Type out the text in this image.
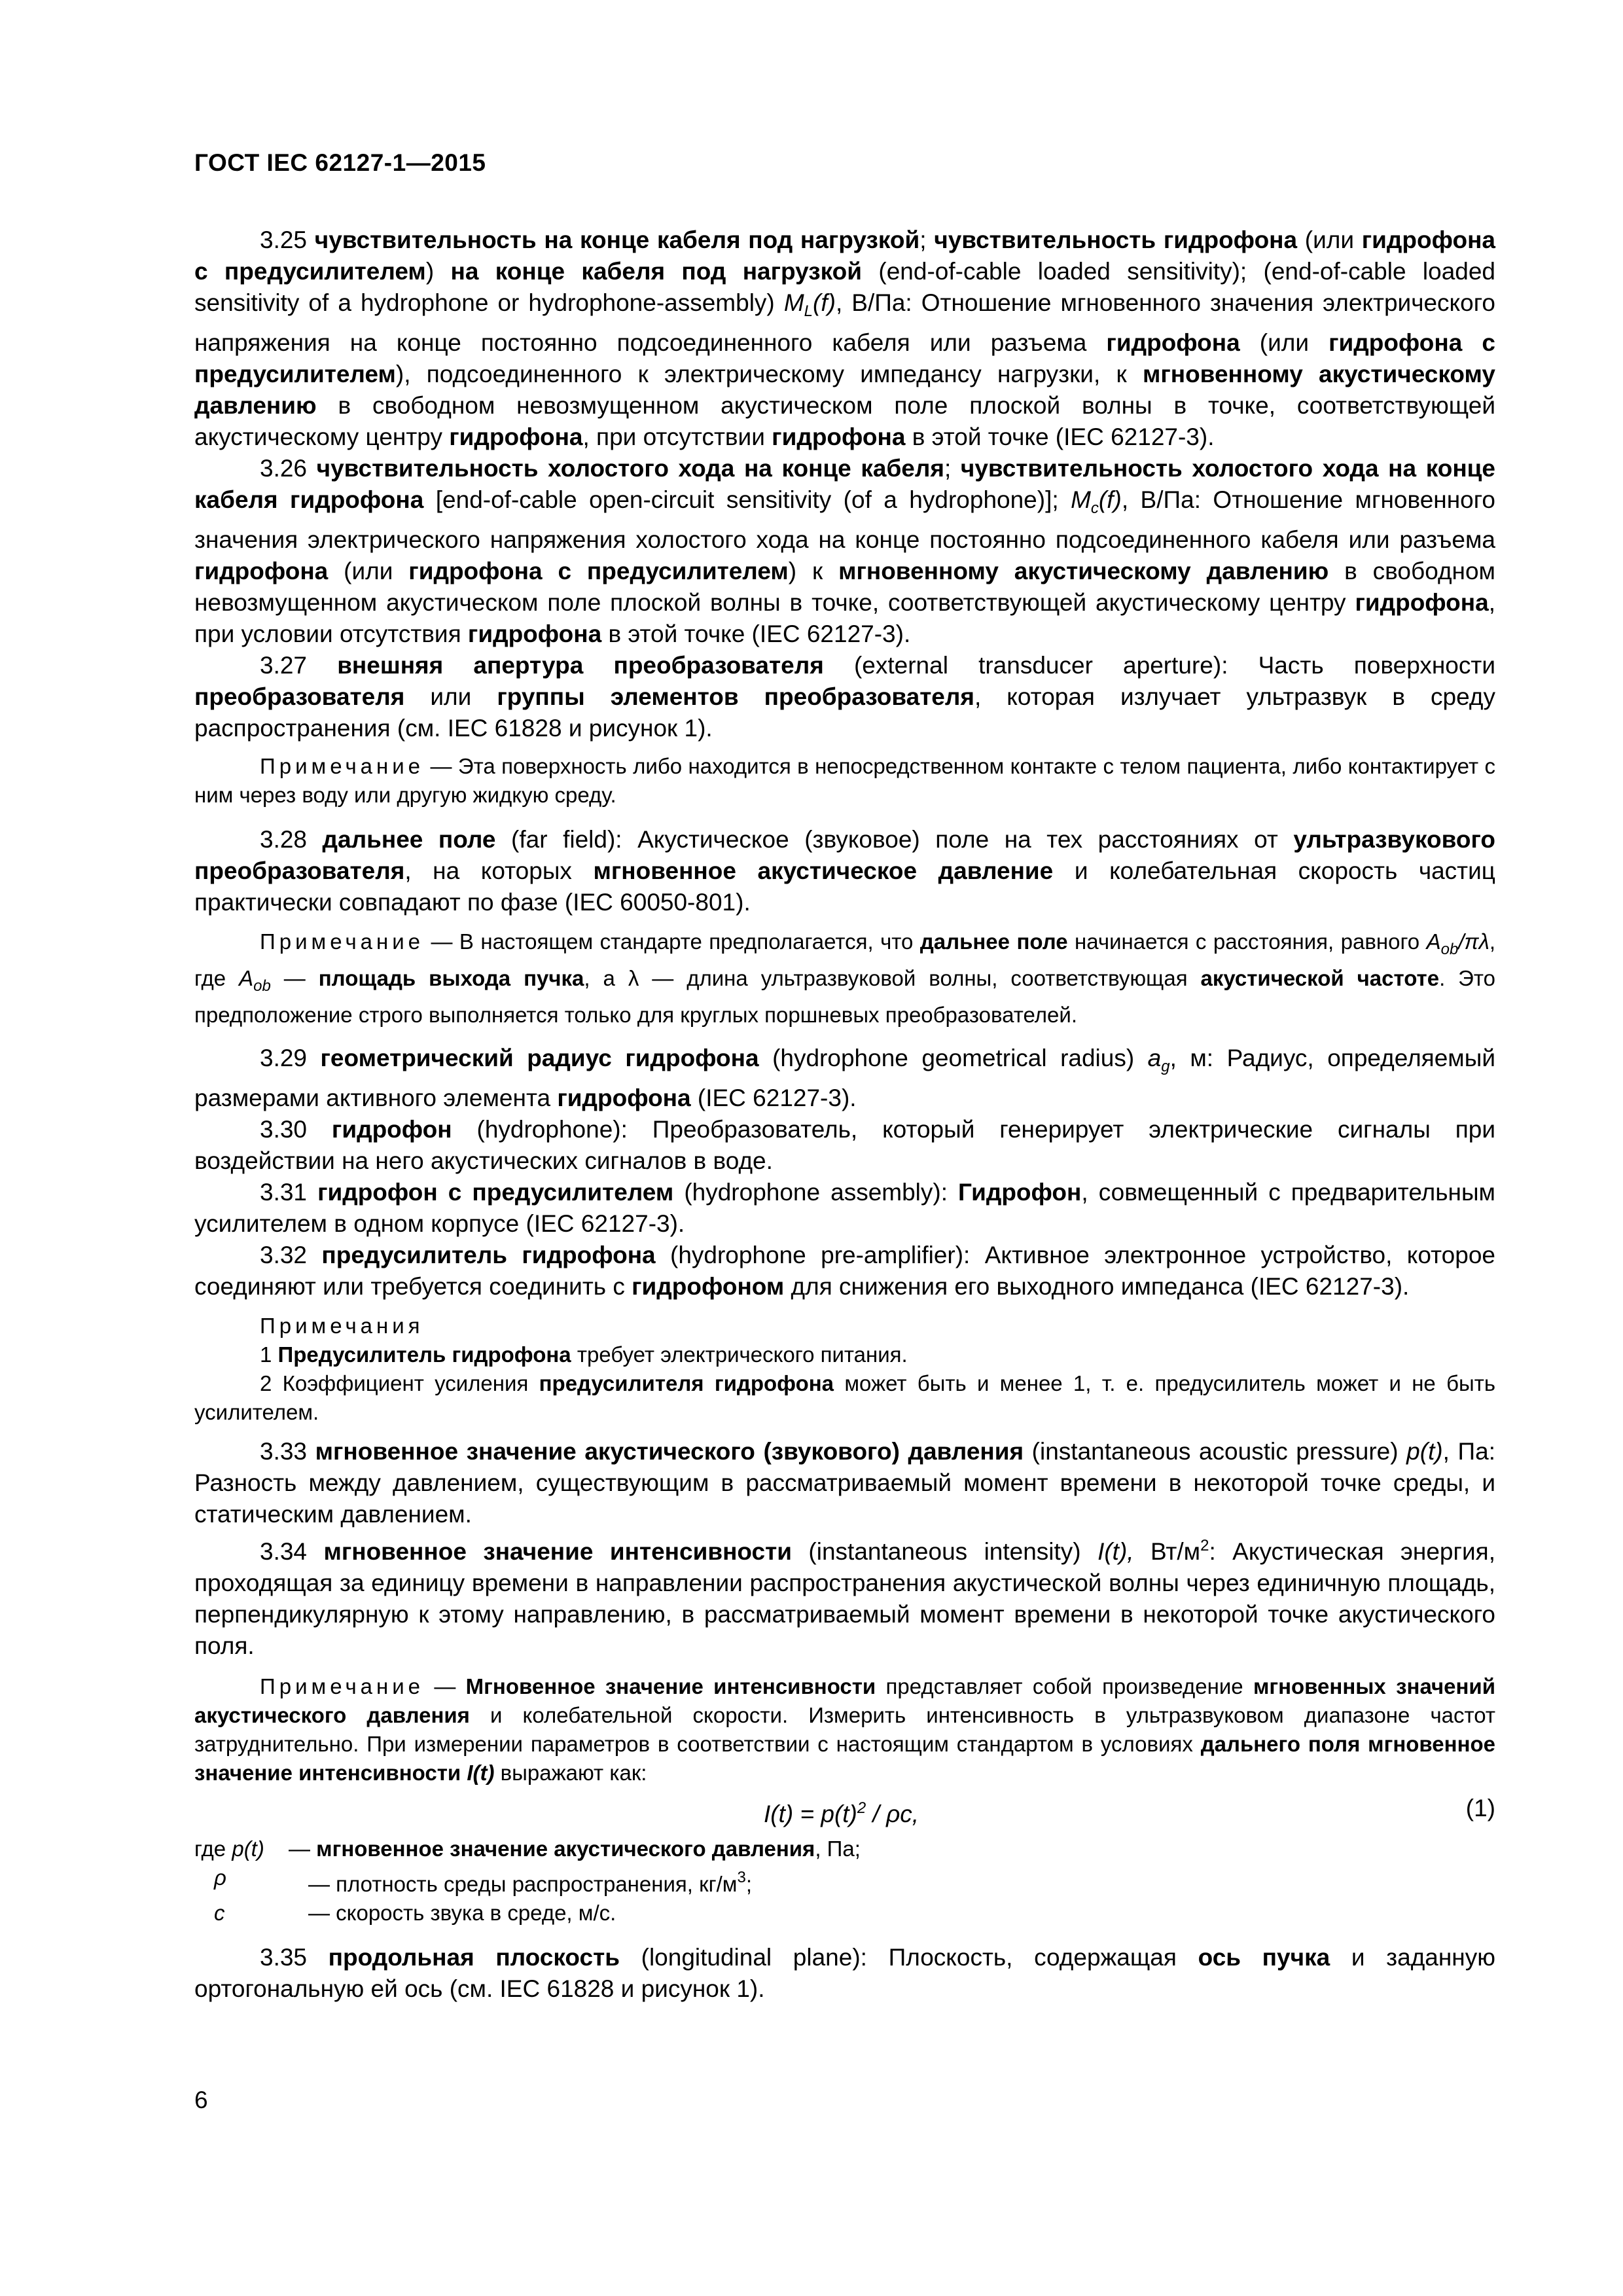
ГОСТ IEC 62127-1—2015

3.25 чувствительность на конце кабеля под нагрузкой; чувствительность гидрофона (или гидрофона с предусилителем) на конце кабеля под нагрузкой (end-of-cable loaded sensitivity); (end-of-cable loaded sensitivity of a hydrophone or hydrophone-assembly) $M_L(f)$, В/Па: Отношение мгновенного значения электрического напряжения на конце постоянно подсоединенного кабеля или разъема гидрофона (или гидрофона с предусилителем), подсоединенного к электрическому импедансу нагрузки, к мгновенному акустическому давлению в свободном невозмущенном акустическом поле плоской волны в точке, соответствующей акустическому центру гидрофона, при отсутствии гидрофона в этой точке (IEC 62127-3).

3.26 чувствительность холостого хода на конце кабеля; чувствительность холостого хода на конце кабеля гидрофона [end-of-cable open-circuit sensitivity (of a hydrophone)]; $M_c(f)$, В/Па: Отношение мгновенного значения электрического напряжения холостого хода на конце постоянно подсоединенного кабеля или разъема гидрофона (или гидрофона с предусилителем) к мгновенному акустическому давлению в свободном невозмущенном акустическом поле плоской волны в точке, соответствующей акустическому центру гидрофона, при условии отсутствия гидрофона в этой точке (IEC 62127-3).

3.27 внешняя апертура преобразователя (external transducer aperture): Часть поверхности преобразователя или группы элементов преобразователя, которая излучает ультразвук в среду распространения (см. IEC 61828 и рисунок 1).

Примечание — Эта поверхность либо находится в непосредственном контакте с телом пациента, либо контактирует с ним через воду или другую жидкую среду.

3.28 дальнее поле (far field): Акустическое (звуковое) поле на тех расстояниях от ультразвукового преобразователя, на которых мгновенное акустическое давление и колебательная скорость частиц практически совпадают по фазе (IEC 60050-801).

Примечание — В настоящем стандарте предполагается, что дальнее поле начинается с расстояния, равного $A_{ob}/\pi\lambda$, где $A_{ob}$ — площадь выхода пучка, а λ — длина ультразвуковой волны, соответствующая акустической частоте. Это предположение строго выполняется только для круглых поршневых преобразователей.

3.29 геометрический радиус гидрофона (hydrophone geometrical radius) $a_g$, м: Радиус, определяемый размерами активного элемента гидрофона (IEC 62127-3).

3.30 гидрофон (hydrophone): Преобразователь, который генерирует электрические сигналы при воздействии на него акустических сигналов в воде.

3.31 гидрофон с предусилителем (hydrophone assembly): Гидрофон, совмещенный с предварительным усилителем в одном корпусе (IEC 62127-3).

3.32 предусилитель гидрофона (hydrophone pre-amplifier): Активное электронное устройство, которое соединяют или требуется соединить с гидрофоном для снижения его выходного импеданса (IEC 62127-3).

Примечания

1 Предусилитель гидрофона требует электрического питания.

2 Коэффициент усиления предусилителя гидрофона может быть и менее 1, т. е. предусилитель может и не быть усилителем.

3.33 мгновенное значение акустического (звукового) давления (instantaneous acoustic pressure) p(t), Па: Разность между давлением, существующим в рассматриваемый момент времени в некоторой точке среды, и статическим давлением.

3.34 мгновенное значение интенсивности (instantaneous intensity) I(t), $Вт/м^2$: Акустическая энергия, проходящая за единицу времени в направлении распространения акустической волны через единичную площадь, перпендикулярную к этому направлению, в рассматриваемый момент времени в некоторой точке акустического поля.

Примечание — Мгновенное значение интенсивности представляет собой произведение мгновенных значений акустического давления и колебательной скорости. Измерить интенсивность в ультразвуковом диапазоне частот затруднительно. При измерении параметров в соответствии с настоящим стандартом в условиях дальнего поля мгновенное значение интенсивности I(t) выражают как:

$I(t) = p(t)^2 / \rho c$,	(1)
где p(t)	— мгновенное значение акустического давления, Па;
ρ	— плотность среды распространения, $кг/м^3$;
c	— скорость звука в среде, м/с.

3.35 продольная плоскость (longitudinal plane): Плоскость, содержащая ось пучка и заданную ортогональную ей ось (см. IEC 61828 и рисунок 1).

6
